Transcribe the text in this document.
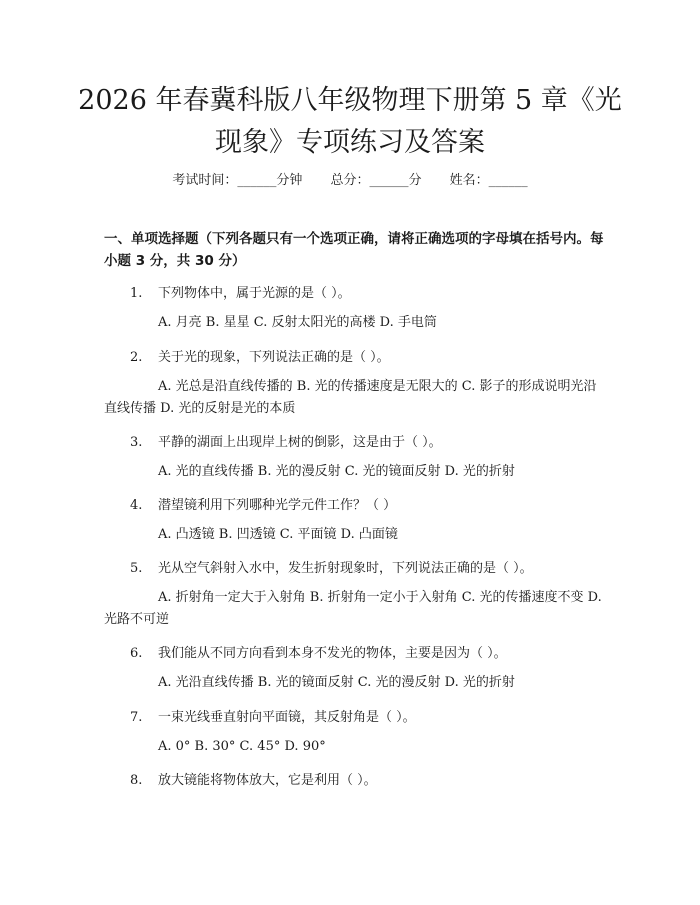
2026 年春冀科版八年级物理下册第 5 章《光
现象》专项练习及答案
考试时间：______分钟 总分：______分 姓名：______
一、单项选择题（下列各题只有一个选项正确，请将正确选项的字母填在括号内。每小题 3 分，共 30 分）
1. 下列物体中，属于光源的是（ ）。
A. 月亮 B. 星星 C. 反射太阳光的高楼 D. 手电筒
2. 关于光的现象，下列说法正确的是（ ）。
A. 光总是沿直线传播的 B. 光的传播速度是无限大的 C. 影子的形成说明光沿直线传播 D. 光的反射是光的本质
3. 平静的湖面上出现岸上树的倒影，这是由于（ ）。
A. 光的直线传播 B. 光的漫反射 C. 光的镜面反射 D. 光的折射
4. 潜望镜利用下列哪种光学元件工作？（ ）
A. 凸透镜 B. 凹透镜 C. 平面镜 D. 凸面镜
5. 光从空气斜射入水中，发生折射现象时，下列说法正确的是（ ）。
A. 折射角一定大于入射角 B. 折射角一定小于入射角 C. 光的传播速度不变 D. 光路不可逆
6. 我们能从不同方向看到本身不发光的物体，主要是因为（ ）。
A. 光沿直线传播 B. 光的镜面反射 C. 光的漫反射 D. 光的折射
7. 一束光线垂直射向平面镜，其反射角是（ ）。
A. 0° B. 30° C. 45° D. 90°
8. 放大镜能将物体放大，它是利用（ ）。
